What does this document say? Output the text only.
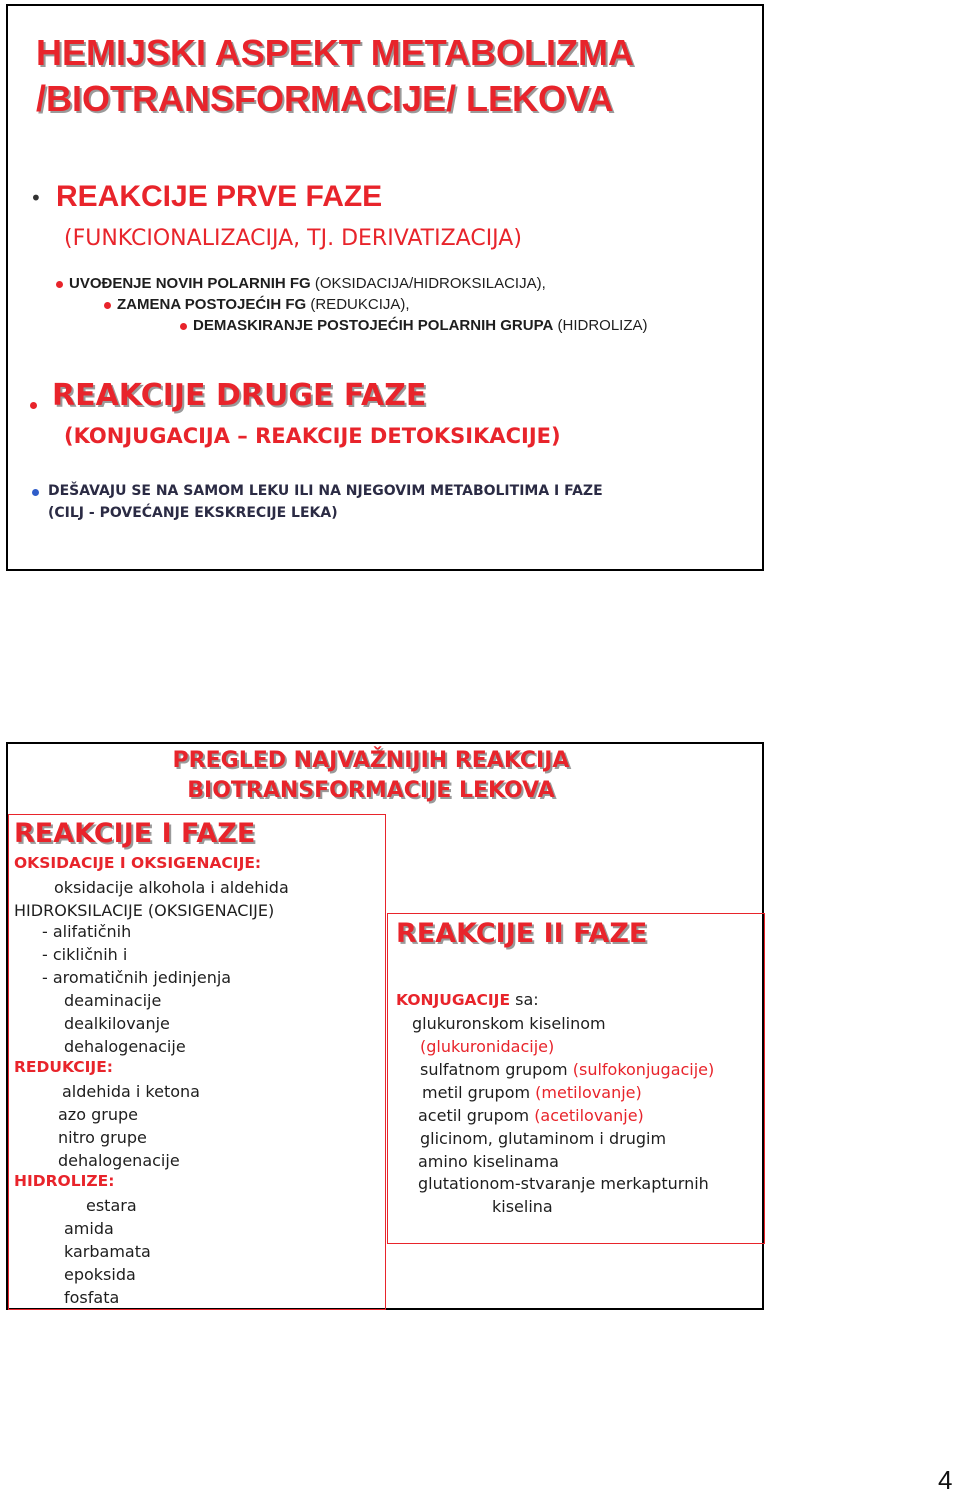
HEMIJSKI ASPEKT METABOLIZMA
/BIOTRANSFORMACIJE/ LEKOVA
• REAKCIJE PRVE FAZE
(FUNKCIONALIZACIJA, TJ. DERIVATIZACIJA)
UVOĐENJE NOVIH POLARNIH FG (OKSIDACIJA/HIDROKSILACIJA),
ZAMENA POSTOJEĆIH FG (REDUKCIJA),
DEMASKIRANJE POSTOJEĆIH POLARNIH GRUPA (HIDROLIZA)
REAKCIJE DRUGE FAZE
(KONJUGACIJA – REAKCIJE DETOKSIKACIJE)
DEŠAVAJU SE NA SAMOM LEKU ILI NA NJEGOVIM METABOLITIMA I FAZE
(CILJ - POVEĆANJE EKSKRECIJE LEKA)
PREGLED NAJVAŽNIJIH REAKCIJA
BIOTRANSFORMACIJE LEKOVA
REAKCIJE I FAZE
OKSIDACIJE I OKSIGENACIJE:
oksidacije alkohola i aldehida
HIDROKSILACIJE (OKSIGENACIJE)
- alifatičnih
- cikličnih i
- aromatičnih jedinjenja
deaminacije
dealkilovanje
dehalogenacije
REDUKCIJE:
aldehida i ketona
azo grupe
nitro grupe
dehalogenacije
HIDROLIZE:
estara
amida
karbamata
epoksida
fosfata
REAKCIJE II FAZE
KONJUGACIJE sa:
glukuronskom kiselinom
(glukuronidacije)
sulfatnom grupom (sulfokonjugacije)
metil grupom (metilovanje)
acetil grupom (acetilovanje)
glicinom, glutaminom i drugim
amino kiselinama
glutationom-stvaranje merkapturnih
kiselina
4
